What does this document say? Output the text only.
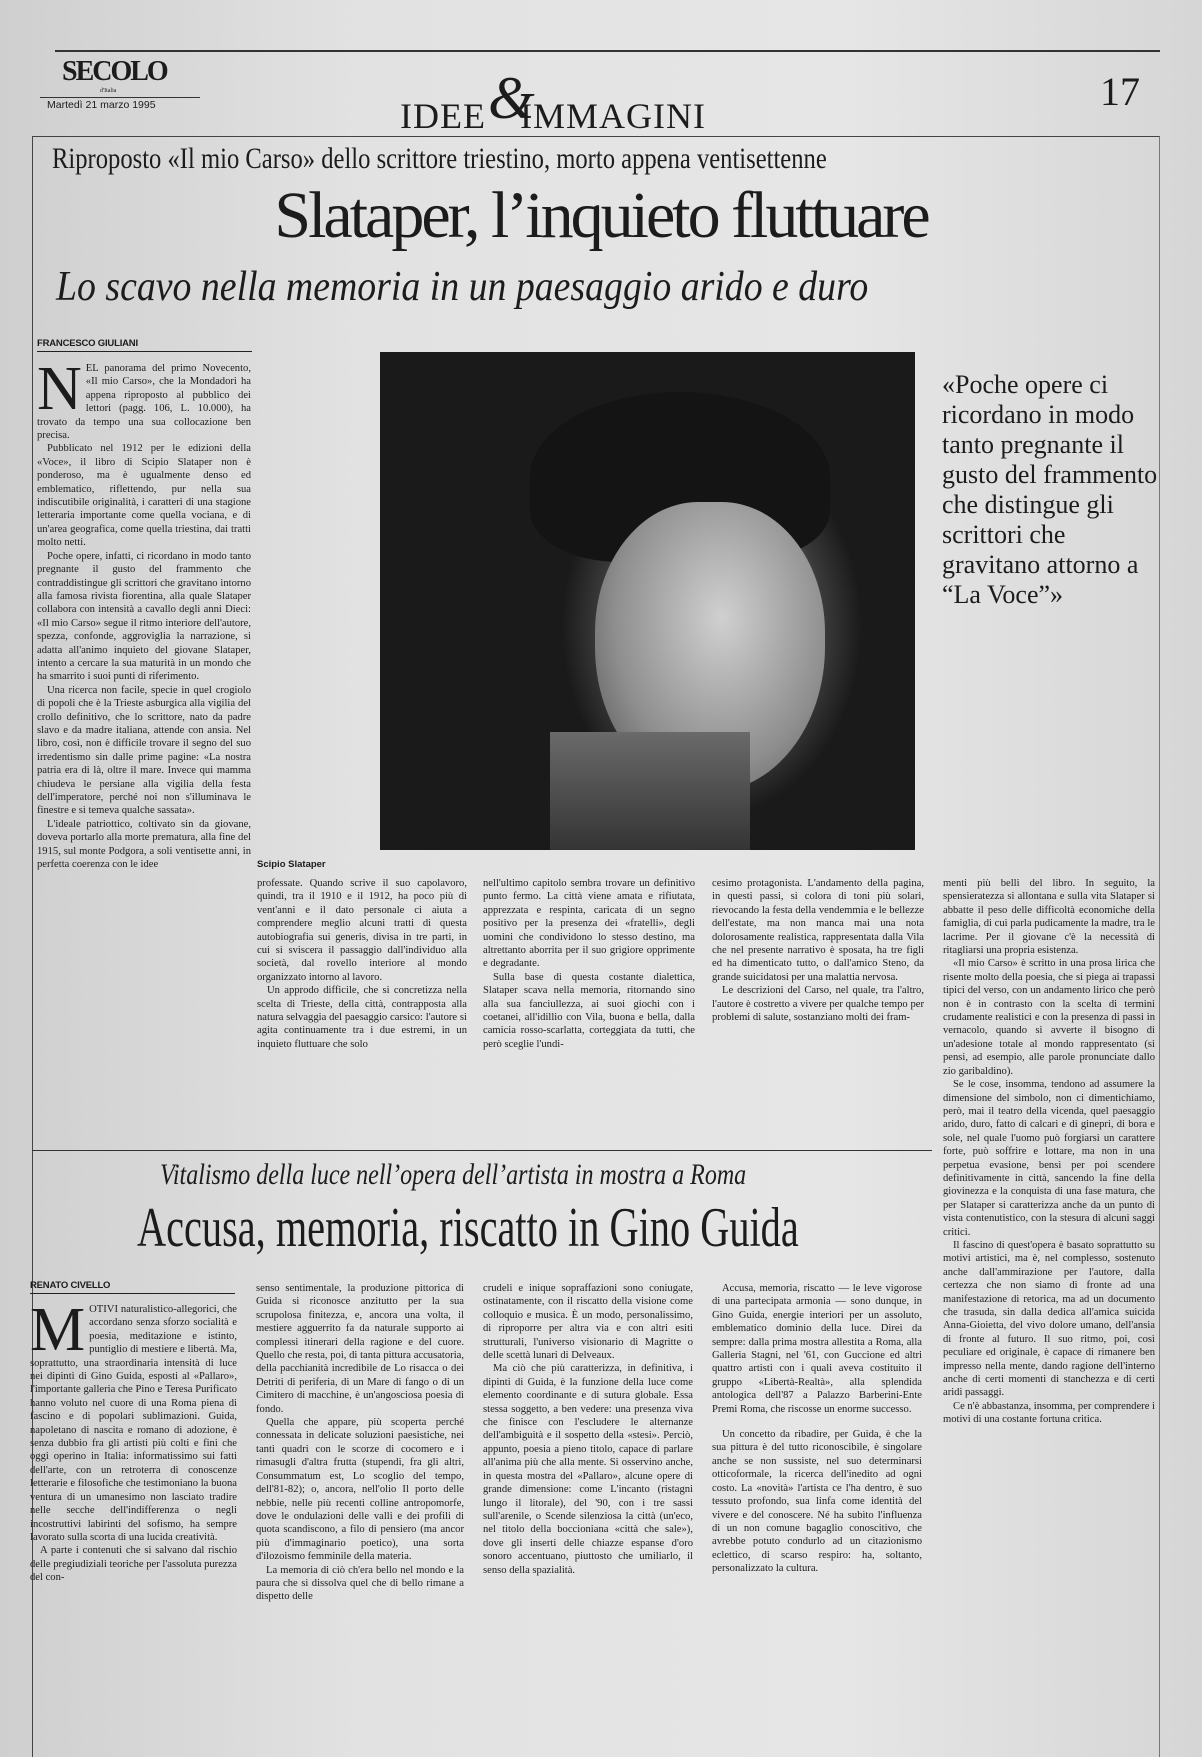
SECOLO
d'Italia
Martedì 21 marzo 1995	IDEE &
IMMAGINI
17
Riproposto «Il mio Carso» dello scrittore triestino, morto appena ventisettenne
Slataper, l’inquieto fluttuare
Lo scavo nella memoria in un paesaggio arido e duro
FRANCESCO GIULIANI
N EL panorama del primo Novecento, «Il mio Carso», che la Mondadori ha appena riproposto al pubblico dei lettori (pagg. 106, L. 10.000), ha trovato da tempo una sua collocazione ben precisa.

Pubblicato nel 1912 per le edizioni della «Voce», il libro di Scipio Slataper non è ponderoso, ma è ugualmente denso ed emblematico, riflettendo, pur nella sua indiscutibile originalità, i caratteri di una stagione letteraria importante come quella vociana, e di un'area geografica, come quella triestina, dai tratti molto netti.

Poche opere, infatti, ci ricordano in modo tanto pregnante il gusto del frammento che contraddistingue gli scrittori che gravitano intorno alla famosa rivista fiorentina, alla quale Slataper collabora con intensità a cavallo degli anni Dieci: «Il mio Carso» segue il ritmo interiore dell'autore, spezza, confonde, aggroviglia la narrazione, si adatta all'animo inquieto del giovane Slataper, intento a cercare la sua maturità in un mondo che ha smarrito i suoi punti di riferimento.

Una ricerca non facile, specie in quel crogiolo di popoli che è la Trieste asburgica alla vigilia del crollo definitivo, che lo scrittore, nato da padre slavo e da madre italiana, attende con ansia. Nel libro, così, non è difficile trovare il segno del suo irredentismo sin dalle prime pagine: «La nostra patria era di là, oltre il mare. Invece qui mamma chiudeva le persiane alla vigilia della festa dell'imperatore, perché noi non s'illuminava le finestre e si temeva qualche sassata».

L'ideale patriottico, coltivato sin da giovane, doveva portarlo alla morte prematura, alla fine del 1915, sul monte Podgora, a soli ventisette anni, in perfetta coerenza con le idee	Scipio Slataper
«Poche opere ci ricordano in modo tanto pregnante il gusto del frammento che distingue gli scrittori che gravitano attorno a “La Voce”»

professate. Quando scrive il suo capolavoro, quindi, tra il 1910 e il 1912, ha poco più di vent'anni e il dato personale ci aiuta a comprendere meglio alcuni tratti di questa autobiografia sui generis, divisa in tre parti, in cui si sviscera il passaggio dall'individuo alla società, dal rovello interiore al mondo organizzato intorno al lavoro.

Un approdo difficile, che si concretizza nella scelta di Trieste, della città, contrapposta alla natura selvaggia del paesaggio carsico: l'autore si agita continuamente tra i due estremi, in un inquieto fluttuare che solo

nell'ultimo capitolo sembra trovare un definitivo punto fermo. La città viene amata e rifiutata, apprezzata e respinta, caricata di un segno positivo per la presenza dei «fratelli», degli uomini che condividono lo stesso destino, ma altrettanto aborrita per il suo grigiore opprimente e degradante.

Sulla base di questa costante dialettica, Slataper scava nella memoria, ritornando sino alla sua fanciullezza, ai suoi giochi con i coetanei, all'idillio con Vila, buona e bella, dalla camicia rosso-scarlatta, corteggiata da tutti, che però sceglie l'undi-

cesimo protagonista. L'andamento della pagina, in questi passi, si colora di toni più solari, rievocando la festa della vendemmia e le bellezze dell'estate, ma non manca mai una nota dolorosamente realistica, rappresentata dalla Vila che nel presente narrativo è sposata, ha tre figli ed ha dimenticato tutto, o dall'amico Steno, da grande suicidatosi per una malattia nervosa.

Le descrizioni del Carso, nel quale, tra l'altro, l'autore è costretto a vivere per qualche tempo per problemi di salute, sostanziano molti dei fram-

menti più belli del libro. In seguito, la spensieratezza si allontana e sulla vita Slataper si abbatte il peso delle difficoltà economiche della famiglia, di cui parla pudicamente la madre, tra le lacrime. Per il giovane c'è la necessità di ritagliarsi una propria esistenza.

«Il mio Carso» è scritto in una prosa lirica che risente molto della poesia, che si piega ai trapassi tipici del verso, con un andamento lirico che però non è in contrasto con la scelta di termini crudamente realistici e con la presenza di passi in vernacolo, quando si avverte il bisogno di un'adesione totale al mondo rappresentato (si pensi, ad esempio, alle parole pronunciate dallo zio garibaldino).

Se le cose, insomma, tendono ad assumere la dimensione del simbolo, non ci dimentichiamo, però, mai il teatro della vicenda, quel paesaggio arido, duro, fatto di calcari e di ginepri, di bora e sole, nel quale l'uomo può forgiarsi un carattere forte, può soffrire e lottare, ma non in una perpetua evasione, bensì per poi scendere definitivamente in città, sancendo la fine della giovinezza e la conquista di una fase matura, che per Slataper si caratterizza anche da un punto di vista contenutistico, con la stesura di alcuni saggi critici.

Il fascino di quest'opera è basato soprattutto su motivi artistici, ma è, nel complesso, sostenuto anche dall'ammirazione per l'autore, dalla certezza che non siamo di fronte ad una manifestazione di retorica, ma ad un documento che trasuda, sin dalla dedica all'amica suicida Anna-Gioietta, del vivo dolore umano, dell'ansia di fronte al futuro. Il suo ritmo, poi, così peculiare ed originale, è capace di rimanere ben impresso nella mente, dando ragione dell'interno anche di certi momenti di stanchezza e di certi aridi passaggi.

Ce n'è abbastanza, insomma, per comprendere i motivi di una costante fortuna critica.

Vitalismo della luce nell’opera dell’artista in mostra a Roma
Accusa, memoria, riscatto in Gino Guida
RENATO CIVELLO
M OTIVI naturalistico-allegorici, che accordano senza sforzo socialità e poesia, meditazione e istinto, puntiglio di mestiere e libertà. Ma, soprattutto, una straordinaria intensità di luce nei dipinti di Gino Guida, esposti al «Pallaro», l'importante galleria che Pino e Teresa Purificato hanno voluto nel cuore di una Roma piena di fascino e di popolari sublimazioni. Guida, napoletano di nascita e romano di adozione, è senza dubbio fra gli artisti più colti e fini che oggi operino in Italia: informatissimo sui fatti dell'arte, con un retroterra di conoscenze letterarie e filosofiche che testimoniano la buona ventura di un umanesimo non lasciato tradire nelle secche dell'indifferenza o negli incostruttivi labirinti del sofismo, ha sempre lavorato sulla scorta di una lucida creatività.

A parte i contenuti che si salvano dal rischio delle pregiudiziali teoriche per l'assoluta purezza del con-

senso sentimentale, la produzione pittorica di Guida si riconosce anzitutto per la sua scrupolosa finitezza, e, ancora una volta, il mestiere agguerrito fa da naturale supporto ai complessi itinerari della ragione e del cuore. Quello che resta, poi, di tanta pittura accusatoria, della pacchianità incredibile de Lo risacca o dei Detriti di periferia, di un Mare di fango o di un Cimitero di macchine, è un'angosciosa poesia di fondo.

Quella che appare, più scoperta perché connessata in delicate soluzioni paesistiche, nei tanti quadri con le scorze di cocomero e i rimasugli d'altra frutta (stupendi, fra gli altri, Consummatum est, Lo scoglio del tempo, dell'81-82); o, ancora, nell'olio Il porto delle nebbie, nelle più recenti colline antropomorfe, dove le ondulazioni delle valli e dei profili di quota scandiscono, a filo di pensiero (ma ancor più d'immaginario poetico), una sorta d'ilozoismo femminile della materia.

La memoria di ciò ch'era bello nel mondo e la paura che si dissolva quel che di bello rimane a dispetto delle

crudeli e inique sopraffazioni sono coniugate, ostinatamente, con il riscatto della visione come colloquio e musica. È un modo, personalissimo, di riproporre per altra via e con altri esiti strutturali, l'universo visionario di Magritte o delle scettà lunari di Delveaux.

Ma ciò che più caratterizza, in definitiva, i dipinti di Guida, è la funzione della luce come elemento coordinante e di sutura globale. Essa stessa soggetto, a ben vedere: una presenza viva che finisce con l'escludere le alternanze dell'ambiguità e il sospetto della «stesi». Perciò, appunto, poesia a pieno titolo, capace di parlare all'anima più che alla mente. Si osservino anche, in questa mostra del «Pallaro», alcune opere di grande dimensione: come L'incanto (ristagni lungo il litorale), del '90, con i tre sassi sull'arenile, o Scende silenziosa la città (un'eco, nel titolo della boccioniana «città che sale»), dove gli inserti delle chiazze espanse d'oro sonoro accentuano, piuttosto che umiliarlo, il senso della spazialità.

Accusa, memoria, riscatto — le leve vigorose di una partecipata armonia — sono dunque, in Gino Guida, energie interiori per un assoluto, emblematico dominio della luce. Direi da sempre: dalla prima mostra allestita a Roma, alla Galleria Stagni, nel '61, con Guccione ed altri quattro artisti con i quali aveva costituito il gruppo «Libertà-Realtà», alla splendida antologica dell'87 a Palazzo Barberini-Ente Premi Roma, che riscosse un enorme successo.

Un concetto da ribadire, per Guida, è che la sua pittura è del tutto riconoscibile, è singolare anche se non sussiste, nel suo determinarsi otticoformale, la ricerca dell'inedito ad ogni costo. La «novità» l'artista ce l'ha dentro, è suo tessuto profondo, sua linfa come identità del vivere e del conoscere. Né ha subìto l'influenza di un non comune bagaglio conoscitivo, che avrebbe potuto condurlo ad un citazionismo eclettico, di scarso respiro: ha, soltanto, personalizzato la cultura.
